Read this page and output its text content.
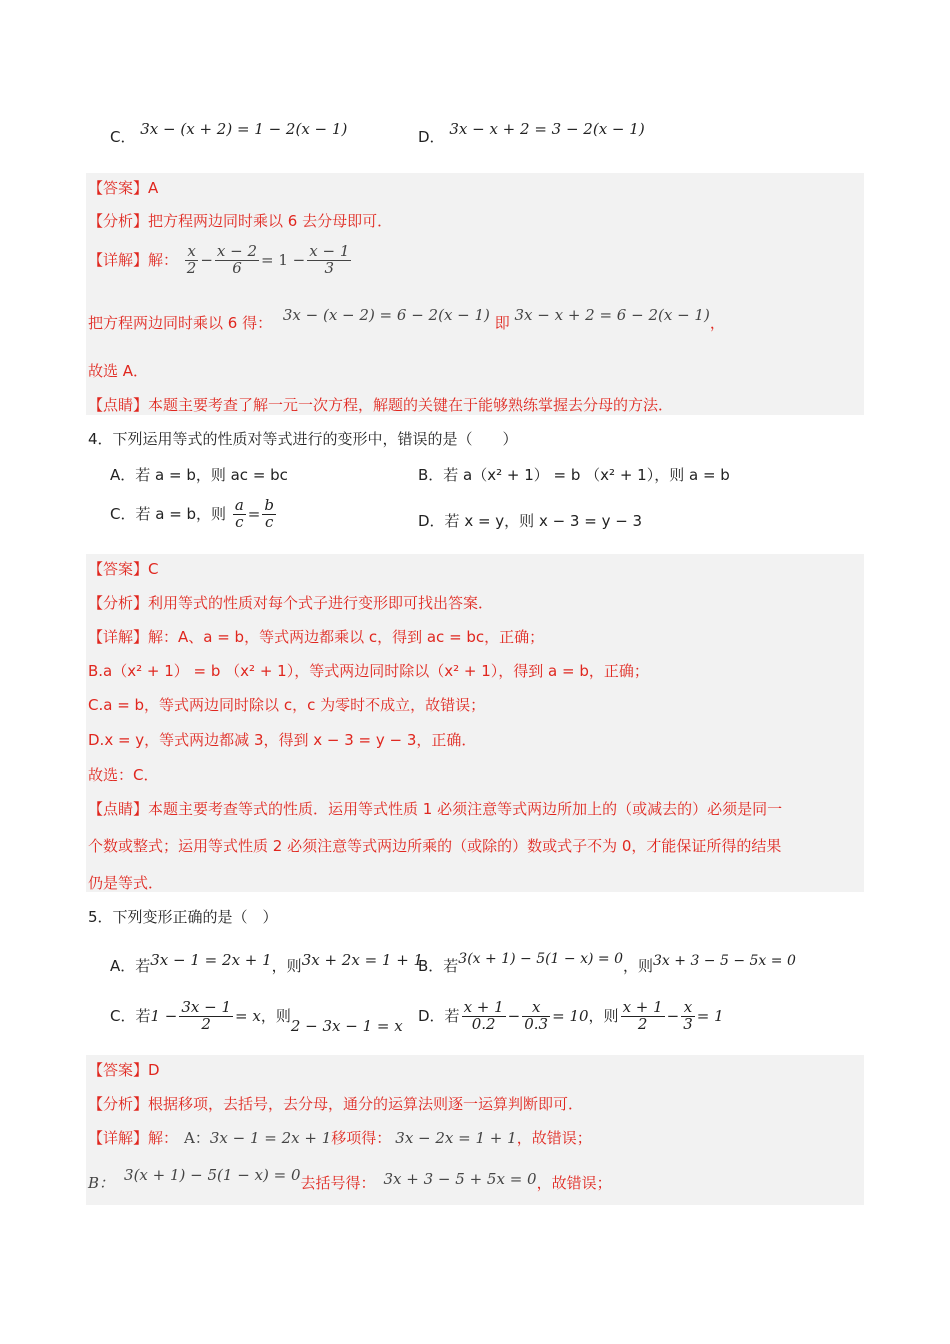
C． 3x − (x + 2) = 1 − 2(x − 1)	D． 3x − x + 2 = 3 − 2(x − 1)
【答案】A
【分析】把方程两边同时乘以 6 去分母即可．
【详解】解： $\frac{x}{2} - \frac{x - 2}{6} = 1 - \frac{x - 1}{3}$
把方程两边同时乘以 6 得： 3x − (x − 2) = 6 − 2(x − 1) 即 3x − x + 2 = 6 − 2(x − 1)，
故选 A．
【点睛】本题主要考查了解一元一次方程，解题的关键在于能够熟练掌握去分母的方法．
4．下列运用等式的性质对等式进行的变形中，错误的是（　　）
A．若 a = b，则 ac = bc	B．若 a（x² + 1） = b （x² + 1），则 a = b
C．若 a = b，则 $\frac{a}{c} = \frac{b}{c}$	D．若 x = y，则 x − 3 = y − 3
【答案】C
【分析】利用等式的性质对每个式子进行变形即可找出答案．
【详解】解：A、a = b，等式两边都乘以 c，得到 ac = bc，正确；
B.a（x² + 1） = b （x² + 1），等式两边同时除以（x² + 1），得到 a = b，正确；
C.a = b，等式两边同时除以 c，c 为零时不成立，故错误；
D.x = y，等式两边都减 3，得到 x − 3 = y − 3，正确．
故选：C．
【点睛】本题主要考查等式的性质．运用等式性质 1 必须注意等式两边所加上的（或减去的）必须是同一
个数或整式；运用等式性质 2 必须注意等式两边所乘的（或除的）数或式子不为 0，才能保证所得的结果
仍是等式．
5．下列变形正确的是（　）
A．若3x − 1 = 2x + 1，则3x + 2x = 1 + 1
B．若3(x + 1) − 5(1 − x) = 0，则3x + 3 − 5 − 5x = 0
C．若$1 - \frac{3x - 1}{2} = x$，则2 − 3x − 1 = x
D．若 $\frac{x + 1}{0.2} - \frac{x}{0.3} = 10$，则 $\frac{x + 1}{2} - \frac{x}{3} = 1$
【答案】D
【分析】根据移项，去括号，去分母，通分的运算法则逐一运算判断即可．
【详解】解： A：3x − 1 = 2x + 1移项得： 3x − 2x = 1 + 1，故错误；
B： 3(x + 1) − 5(1 − x) = 0去括号得： 3x + 3 − 5 + 5x = 0，故错误；
